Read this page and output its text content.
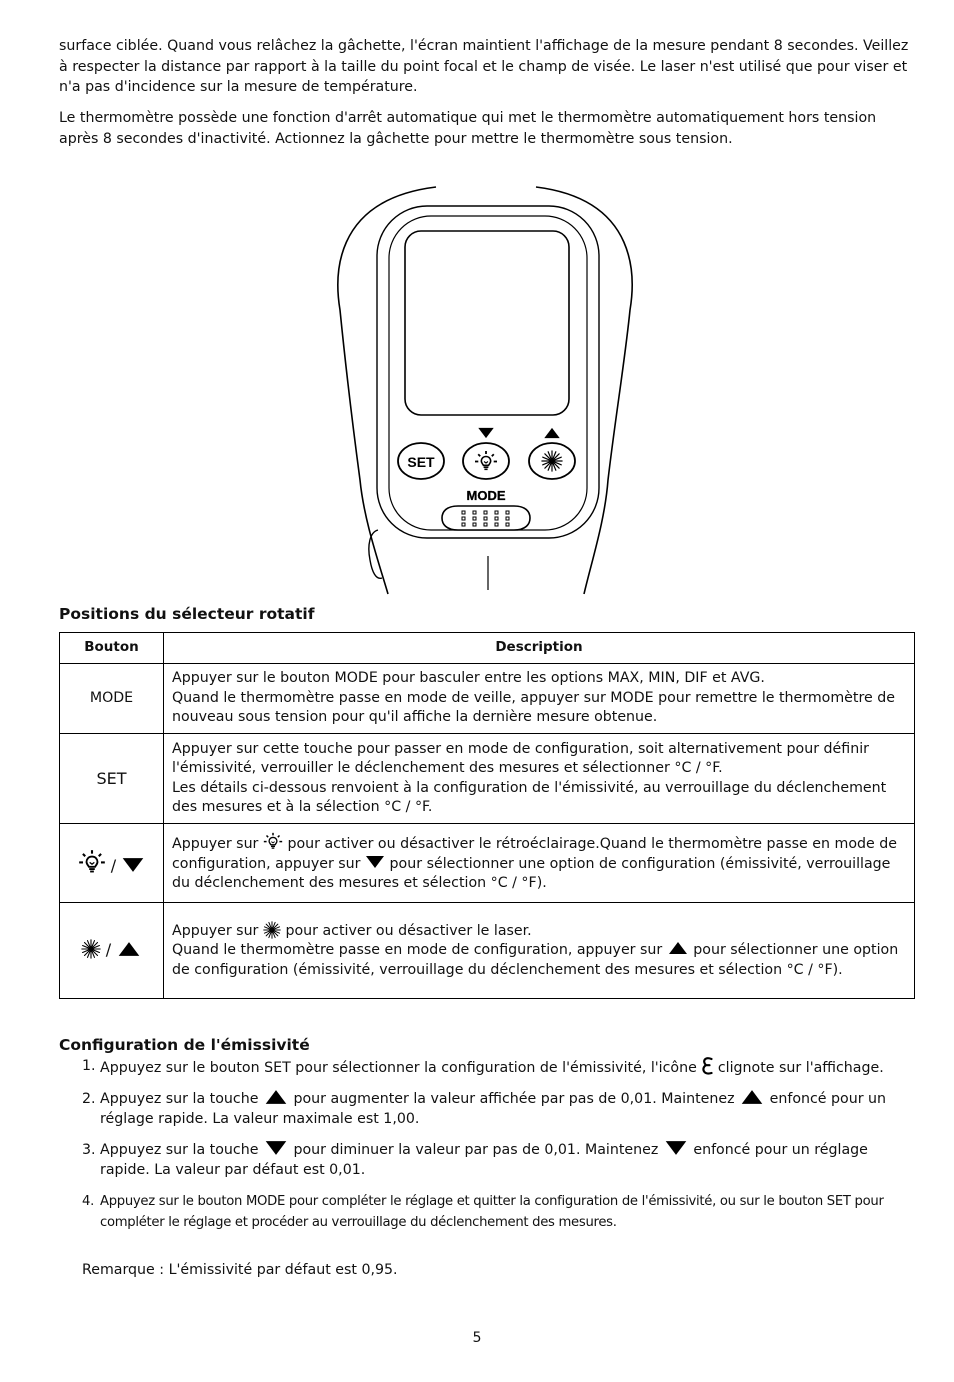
surface ciblée. Quand vous relâchez la gâchette, l'écran maintient l'affichage de la mesure pendant 8 secondes. Veillez à respecter la distance par rapport à la taille du point focal et le champ de visée. Le laser n'est utilisé que pour viser et n'a pas d'incidence sur la mesure de température.

Le thermomètre possède une fonction d'arrêt automatique qui met le thermomètre automatiquement hors tension après 8 secondes d'inactivité. Actionnez la gâchette pour mettre le thermomètre sous tension.

SET
MODE
Positions du sélecteur rotatif
Bouton	Description
MODE	Appuyer sur le bouton MODE pour basculer entre les options MAX, MIN, DIF et AVG.
Quand le thermomètre passe en mode de veille, appuyer sur MODE pour remettre le thermomètre de nouveau sous tension pour qu'il affiche la dernière mesure obtenue.
SET	Appuyer sur cette touche pour passer en mode de configuration, soit alternativement pour définir l'émissivité, verrouiller le déclenchement des mesures et sélectionner °C / °F.
Les détails ci-dessous renvoient à la configuration de l'émissivité, au verrouillage du déclenchement des mesures et à la sélection °C / °F.
/	Appuyer sur pour activer ou désactiver le rétroéclairage.Quand le thermomètre passe en mode de configuration, appuyer sur pour sélectionner une option de configuration (émissivité, verrouillage du déclenchement des mesures et sélection °C / °F).
/	Appuyer sur pour activer ou désactiver le laser.
Quand le thermomètre passe en mode de configuration, appuyer sur pour sélectionner une option de configuration (émissivité, verrouillage du déclenchement des mesures et sélection °C / °F).
Configuration de l'émissivité
1. Appuyez sur le bouton SET pour sélectionner la configuration de l'émissivité, l'icône clignote sur l'affichage.
2. Appuyez sur la touche pour augmenter la valeur affichée par pas de 0,01. Maintenez enfoncé pour un réglage rapide. La valeur maximale est 1,00.
3. Appuyez sur la touche pour diminuer la valeur par pas de 0,01. Maintenez enfoncé pour un réglage rapide. La valeur par défaut est 0,01.
4. Appuyez sur le bouton MODE pour compléter le réglage et quitter la configuration de l'émissivité, ou sur le bouton SET pour compléter le réglage et procéder au verrouillage du déclenchement des mesures.
Remarque : L'émissivité par défaut est 0,95.
5
